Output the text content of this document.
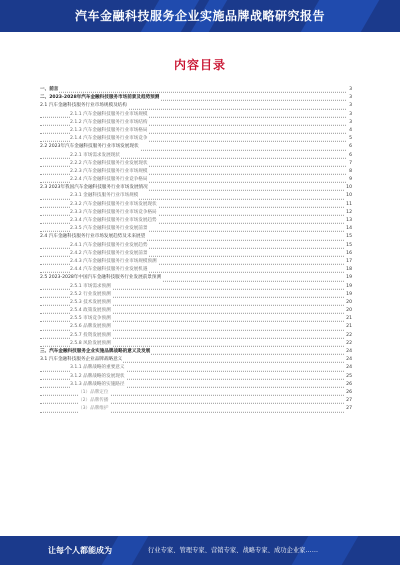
汽车金融科技服务企业实施品牌战略研究报告
内容目录
一、前言	3
二、2023-2028年汽车金融科技服务市场前景及趋势预测	3
2.1 汽车金融科技服务行业市场规模及结构	3
2.1.1 汽车金融科技服务行业市场规模	3
2.1.2 汽车金融科技服务行业市场结构	3
2.1.3 汽车金融科技服务行业市场格局	4
2.1.4 汽车金融科技服务行业市场竞争	5
2.2 2023年汽车金融科技服务行业市场发展现状	6
2.2.1 市场需求发展现状	6
2.2.2 汽车金融科技服务行业发展现状	7
2.2.3 汽车金融科技服务行业市场规模	8
2.2.4 汽车金融科技服务行业竞争格局	9
2.3 2023年我国汽车金融科技服务行业市场发展情况	10
2.3.1 金融科技服务行业市场规模	10
2.3.2 汽车金融科技服务行业市场发展现状	11
2.3.3 汽车金融科技服务行业市场竞争格局	12
2.3.4 汽车金融科技服务行业市场发展趋势	13
2.3.5 汽车金融科技服务行业发展前景	14
2.4 汽车金融科技服务行业市场发展趋势及未来展望	15
2.4.1 汽车金融科技服务行业发展趋势	15
2.4.2 汽车金融科技服务行业发展前景	16
2.4.3 汽车金融科技服务行业市场规模预测	17
2.4.4 汽车金融科技服务行业发展机遇	18
2.5 2023-2028年中国汽车金融科技服务行业发展前景预测	19
2.5.1 市场需求预测	19
2.5.2 行业发展预测	19
2.5.3 技术发展预测	20
2.5.4 政策发展预测	20
2.5.5 市场竞争预测	21
2.5.6 品牌发展预测	21
2.5.7 投资发展预测	22
2.5.8 风险发展预测	22
三、汽车金融科技服务企业实施品牌战略的意义及发展	24
3.1 汽车金融科技服务企业品牌战略意义	24
3.1.1 品牌战略的重要意义	24
3.1.2 品牌战略的发展现状	25
3.1.3 品牌战略的实施路径	26
（1）品牌定位	26
（2）品牌传播	27
（3）品牌维护	27
让每个人都能成为	行业专家、管理专家、营销专家、战略专家、成功企业家……
